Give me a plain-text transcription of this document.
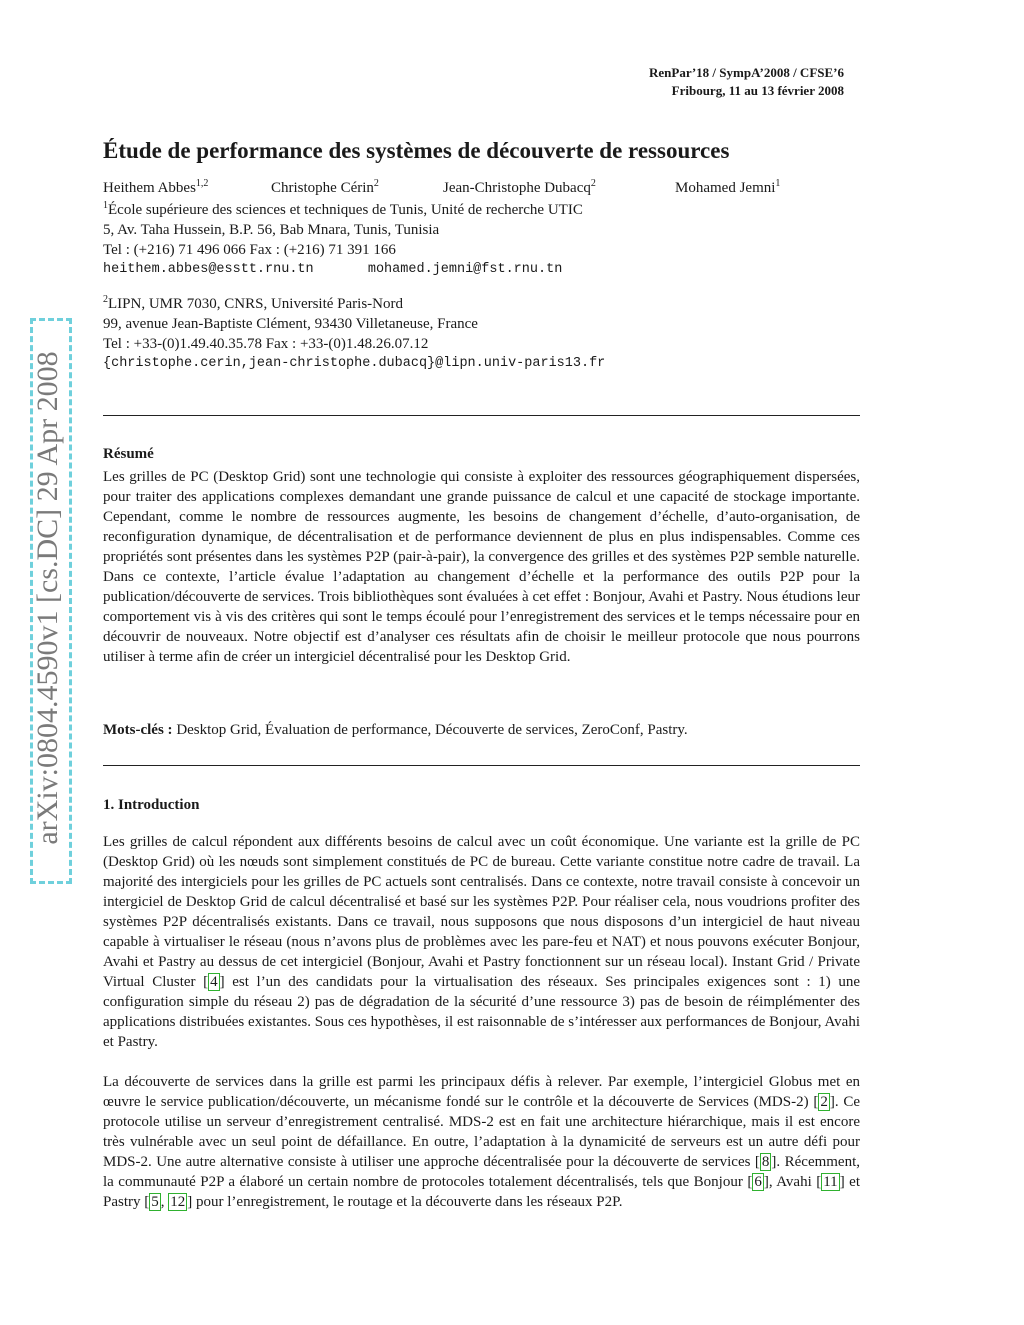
arXiv:0804.4590v1 [cs.DC] 29 Apr 2008
RenPar’18 / SympA’2008 / CFSE’6
Fribourg, 11 au 13 février 2008
Étude de performance des systèmes de découverte de ressources
Heithem Abbes$^{1,2}$	Christophe Cérin$^2$	Jean-Christophe Dubacq$^2$	Mohamed Jemni$^1$
$^1$École supérieure des sciences et techniques de Tunis, Unité de recherche UTIC
5, Av. Taha Hussein, B.P. 56, Bab Mnara, Tunis, Tunisia
Tel : (+216) 71 496 066 Fax : (+216) 71 391 166
heithem.abbes@esstt.rnu.tn	mohamed.jemni@fst.rnu.tn
$^2$LIPN, UMR 7030, CNRS, Université Paris-Nord
99, avenue Jean-Baptiste Clément, 93430 Villetaneuse, France
Tel : +33-(0)1.49.40.35.78 Fax : +33-(0)1.48.26.07.12
{christophe.cerin,jean-christophe.dubacq}@lipn.univ-paris13.fr
Résumé
Les grilles de PC (Desktop Grid) sont une technologie qui consiste à exploiter des ressources géographiquement dispersées, pour traiter des applications complexes demandant une grande puissance de calcul et une capacité de stockage importante. Cependant, comme le nombre de ressources augmente, les besoins de changement d’échelle, d’auto-organisation, de reconfiguration dynamique, de décentralisation et de performance deviennent de plus en plus indispensables. Comme ces propriétés sont présentes dans les systèmes P2P (pair-à-pair), la convergence des grilles et des systèmes P2P semble naturelle. Dans ce contexte, l’article évalue l’adaptation au changement d’échelle et la performance des outils P2P pour la publication/découverte de services. Trois bibliothèques sont évaluées à cet effet : Bonjour, Avahi et Pastry. Nous étudions leur comportement vis à vis des critères qui sont le temps écoulé pour l’enregistrement des services et le temps nécessaire pour en découvrir de nouveaux. Notre objectif est d’analyser ces résultats afin de choisir le meilleur protocole que nous pourrons utiliser à terme afin de créer un intergiciel décentralisé pour les Desktop Grid.
Mots-clés : Desktop Grid, Évaluation de performance, Découverte de services, ZeroConf, Pastry.
1. Introduction
Les grilles de calcul répondent aux différents besoins de calcul avec un coût économique. Une variante est la grille de PC (Desktop Grid) où les nœuds sont simplement constitués de PC de bureau. Cette variante constitue notre cadre de travail. La majorité des intergiciels pour les grilles de PC actuels sont centralisés. Dans ce contexte, notre travail consiste à concevoir un intergiciel de Desktop Grid de calcul décentralisé et basé sur les systèmes P2P. Pour réaliser cela, nous voudrions profiter des systèmes P2P décentralisés existants. Dans ce travail, nous supposons que nous disposons d’un intergiciel de haut niveau capable à virtualiser le réseau (nous n’avons plus de problèmes avec les pare-feu et NAT) et nous pouvons exécuter Bonjour, Avahi et Pastry au dessus de cet intergiciel (Bonjour, Avahi et Pastry fonctionnent sur un réseau local). Instant Grid / Private Virtual Cluster [ 4 ] est l’un des candidats pour la virtualisation des réseaux. Ses principales exigences sont : 1) une configuration simple du réseau 2) pas de dégradation de la sécurité d’une ressource 3) pas de besoin de réimplémenter des applications distribuées existantes. Sous ces hypothèses, il est raisonnable de s’intéresser aux performances de Bonjour, Avahi et Pastry.
La découverte de services dans la grille est parmi les principaux défis à relever. Par exemple, l’intergiciel Globus met en œuvre le service publication/découverte, un mécanisme fondé sur le contrôle et la découverte de Services (MDS-2) [ 2 ]. Ce protocole utilise un serveur d’enregistrement centralisé. MDS-2 est en fait une architecture hiérarchique, mais il est encore très vulnérable avec un seul point de défaillance. En outre, l’adaptation à la dynamicité de serveurs est un autre défi pour MDS-2. Une autre alternative consiste à utiliser une approche décentralisée pour la découverte de services [ 8 ]. Récemment, la communauté P2P a élaboré un certain nombre de protocoles totalement décentralisés, tels que Bonjour [ 6 ], Avahi [ 11 ] et Pastry [ 5 , 12 ] pour l’enregistrement, le routage et la découverte dans les réseaux P2P.
